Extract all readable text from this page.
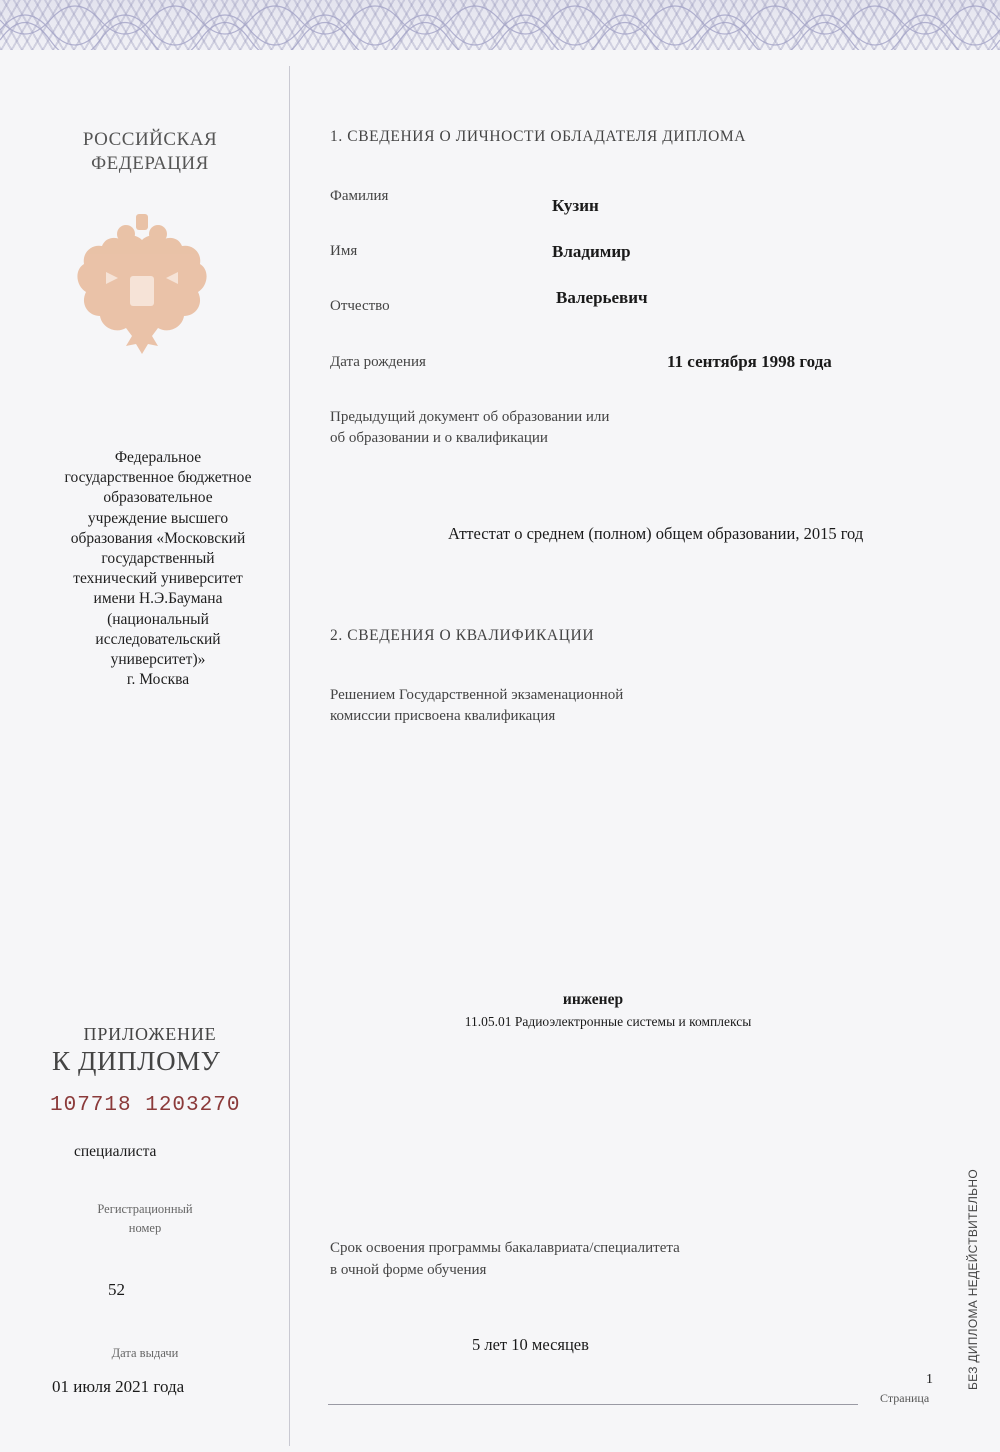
РОССИЙСКАЯ
ФЕДЕРАЦИЯ
Федеральное
государственное бюджетное
образовательное
учреждение высшего
образования «Московский
государственный
технический университет
имени Н.Э.Баумана
(национальный
исследовательский
университет)»
г. Москва
ПРИЛОЖЕНИЕ
К ДИПЛОМУ
107718 1203270
специалиста
Регистрационный
номер
52
Дата выдачи
01 июля 2021 года
1. СВЕДЕНИЯ О ЛИЧНОСТИ ОБЛАДАТЕЛЯ ДИПЛОМА
Фамилия	Кузин
Имя	Владимир
Отчество	Валерьевич
Дата рождения	11 сентября 1998 года
Предыдущий документ об образовании или
об образовании и о квалификации
Аттестат о среднем (полном) общем образовании, 2015 год
2. СВЕДЕНИЯ О КВАЛИФИКАЦИИ
Решением Государственной экзаменационной
комиссии присвоена квалификация
инженер
11.05.01 Радиоэлектронные системы и комплексы
Срок освоения программы бакалавриата/специалитета
в очной форме обучения
5 лет 10 месяцев
1
Страница
БЕЗ ДИПЛОМА НЕДЕЙСТВИТЕЛЬНО
